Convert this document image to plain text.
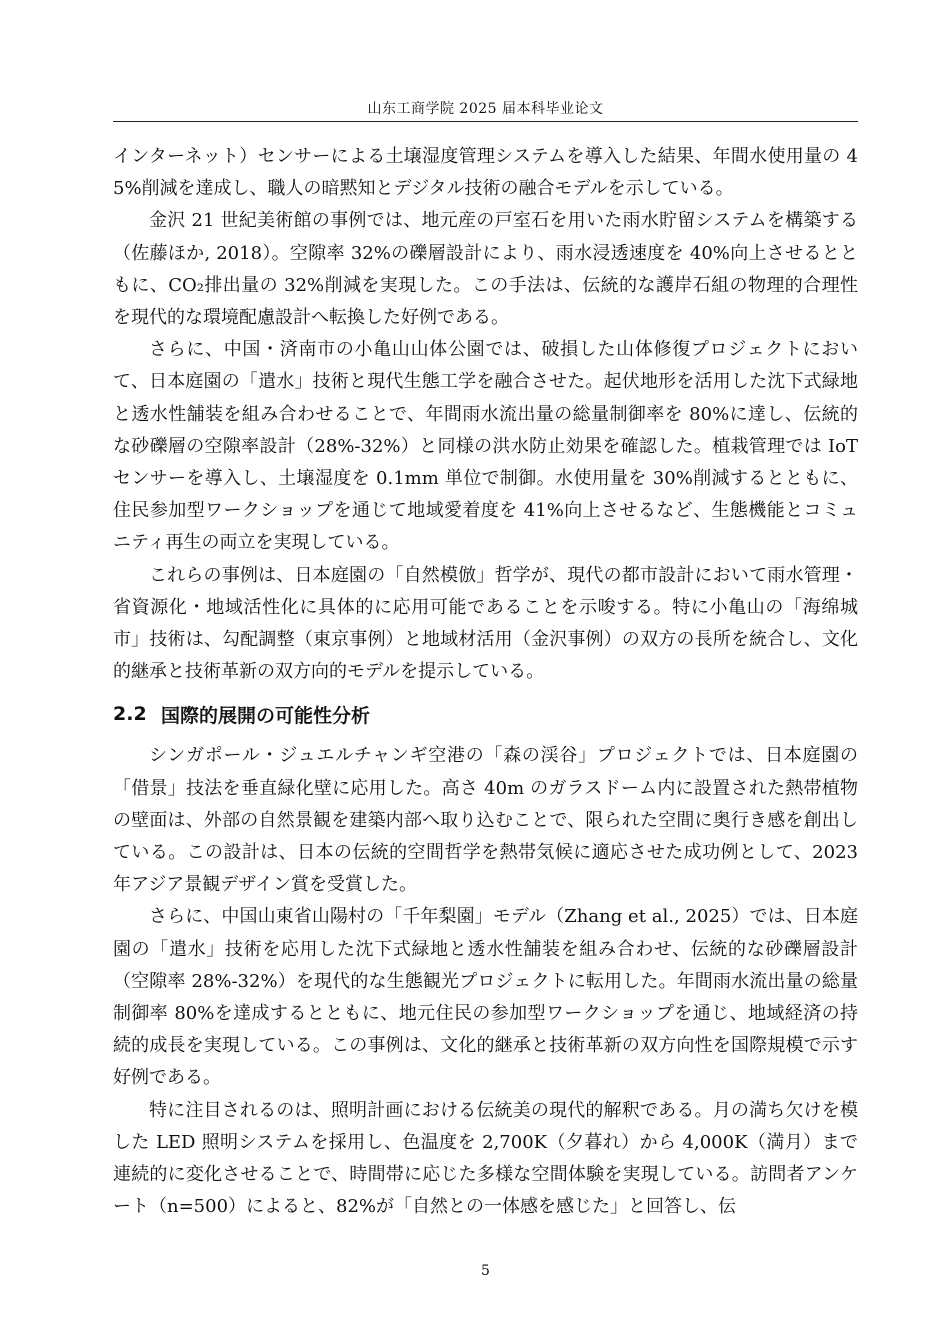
山东工商学院 2025 届本科毕业论文

インターネット）センサーによる土壌湿度管理システムを導入した結果、年間水使用量の 45%削減を達成し、職人の暗黙知とデジタル技術の融合モデルを示している。

金沢 21 世紀美術館の事例では、地元産の戸室石を用いた雨水貯留システムを構築する（佐藤ほか, 2018）。空隙率 32%の礫層設計により、雨水浸透速度を 40%向上させるとともに、CO₂排出量の 32%削減を実現した。この手法は、伝統的な護岸石組の物理的合理性を現代的な環境配慮設計へ転換した好例である。

さらに、中国・済南市の小亀山山体公園では、破損した山体修復プロジェクトにおいて、日本庭園の「遣水」技術と現代生態工学を融合させた。起伏地形を活用した沈下式緑地と透水性舗装を組み合わせることで、年間雨水流出量の総量制御率を 80%に達し、伝統的な砂礫層の空隙率設計（28%-32%）と同様の洪水防止効果を確認した。植栽管理では IoT センサーを導入し、土壌湿度を 0.1mm 単位で制御。水使用量を 30%削減するとともに、住民参加型ワークショップを通じて地域愛着度を 41%向上させるなど、生態機能とコミュニティ再生の両立を実現している。

これらの事例は、日本庭園の「自然模倣」哲学が、現代の都市設計において雨水管理・省資源化・地域活性化に具体的に応用可能であることを示唆する。特に小亀山の「海绵城市」技術は、勾配調整（東京事例）と地域材活用（金沢事例）の双方の長所を統合し、文化的継承と技術革新の双方向的モデルを提示している。

2.2 国際的展開の可能性分析

シンガポール・ジュエルチャンギ空港の「森の渓谷」プロジェクトでは、日本庭園の「借景」技法を垂直緑化壁に応用した。高さ 40m のガラスドーム内に設置された熱帯植物の壁面は、外部の自然景観を建築内部へ取り込むことで、限られた空間に奥行き感を創出している。この設計は、日本の伝統的空間哲学を熱帯気候に適応させた成功例として、2023 年アジア景観デザイン賞を受賞した。

さらに、中国山東省山陽村の「千年梨園」モデル（Zhang et al., 2025）では、日本庭園の「遣水」技術を応用した沈下式緑地と透水性舗装を組み合わせ、伝統的な砂礫層設計（空隙率 28%-32%）を現代的な生態観光プロジェクトに転用した。年間雨水流出量の総量制御率 80%を達成するとともに、地元住民の参加型ワークショップを通じ、地域経済の持続的成長を実現している。この事例は、文化的継承と技術革新の双方向性を国際規模で示す好例である。

特に注目されるのは、照明計画における伝統美の現代的解釈である。月の満ち欠けを模した LED 照明システムを採用し、色温度を 2,700K（夕暮れ）から 4,000K（満月）まで連続的に変化させることで、時間帯に応じた多様な空間体験を実現している。訪問者アンケート（n=500）によると、82%が「自然との一体感を感じた」と回答し、伝

5
